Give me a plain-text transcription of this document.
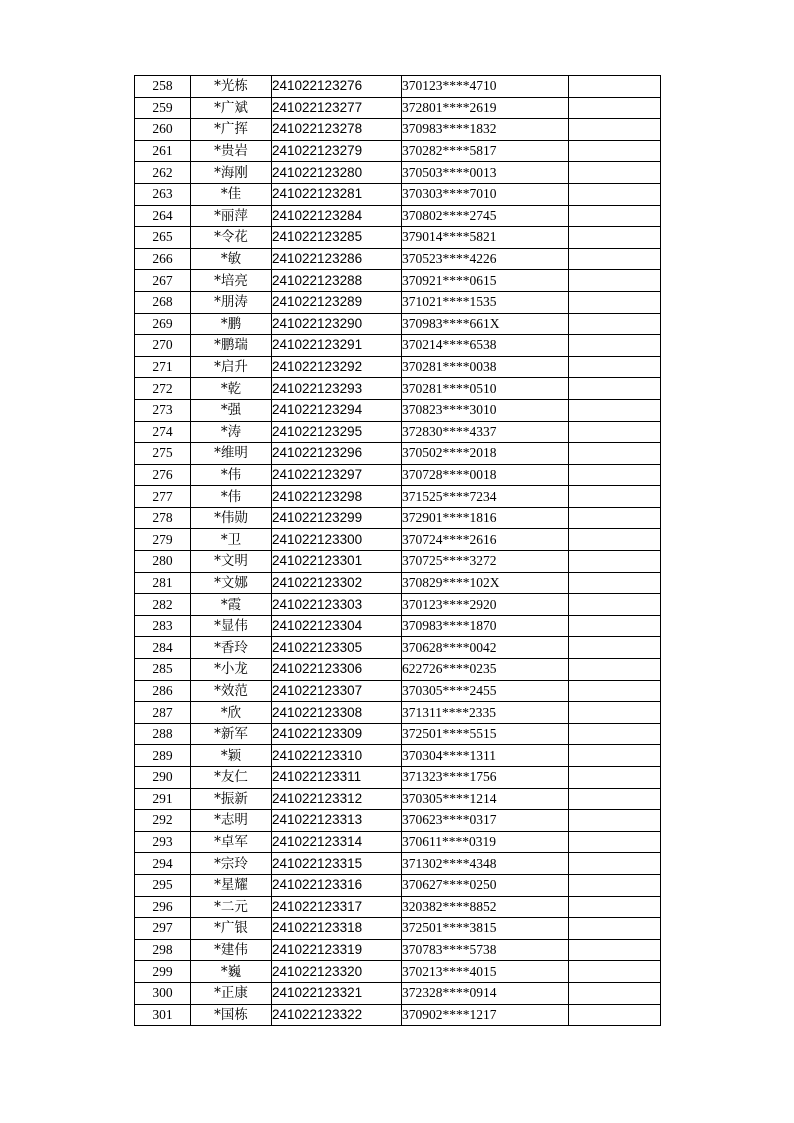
258	*光栋	241022123276	370123****4710	
259	*广斌	241022123277	372801****2619	
260	*广挥	241022123278	370983****1832	
261	*贵岩	241022123279	370282****5817	
262	*海刚	241022123280	370503****0013	
263	*佳	241022123281	370303****7010	
264	*丽萍	241022123284	370802****2745	
265	*令花	241022123285	379014****5821	
266	*敏	241022123286	370523****4226	
267	*培亮	241022123288	370921****0615	
268	*朋涛	241022123289	371021****1535	
269	*鹏	241022123290	370983****661X	
270	*鹏瑞	241022123291	370214****6538	
271	*启升	241022123292	370281****0038	
272	*乾	241022123293	370281****0510	
273	*强	241022123294	370823****3010	
274	*涛	241022123295	372830****4337	
275	*维明	241022123296	370502****2018	
276	*伟	241022123297	370728****0018	
277	*伟	241022123298	371525****7234	
278	*伟勋	241022123299	372901****1816	
279	*卫	241022123300	370724****2616	
280	*文明	241022123301	370725****3272	
281	*文娜	241022123302	370829****102X	
282	*霞	241022123303	370123****2920	
283	*显伟	241022123304	370983****1870	
284	*香玲	241022123305	370628****0042	
285	*小龙	241022123306	622726****0235	
286	*效范	241022123307	370305****2455	
287	*欣	241022123308	371311****2335	
288	*新军	241022123309	372501****5515	
289	*颖	241022123310	370304****1311	
290	*友仁	241022123311	371323****1756	
291	*振新	241022123312	370305****1214	
292	*志明	241022123313	370623****0317	
293	*卓军	241022123314	370611****0319	
294	*宗玲	241022123315	371302****4348	
295	*星耀	241022123316	370627****0250	
296	*二元	241022123317	320382****8852	
297	*广银	241022123318	372501****3815	
298	*建伟	241022123319	370783****5738	
299	*巍	241022123320	370213****4015	
300	*正康	241022123321	372328****0914	
301	*国栋	241022123322	370902****1217	
